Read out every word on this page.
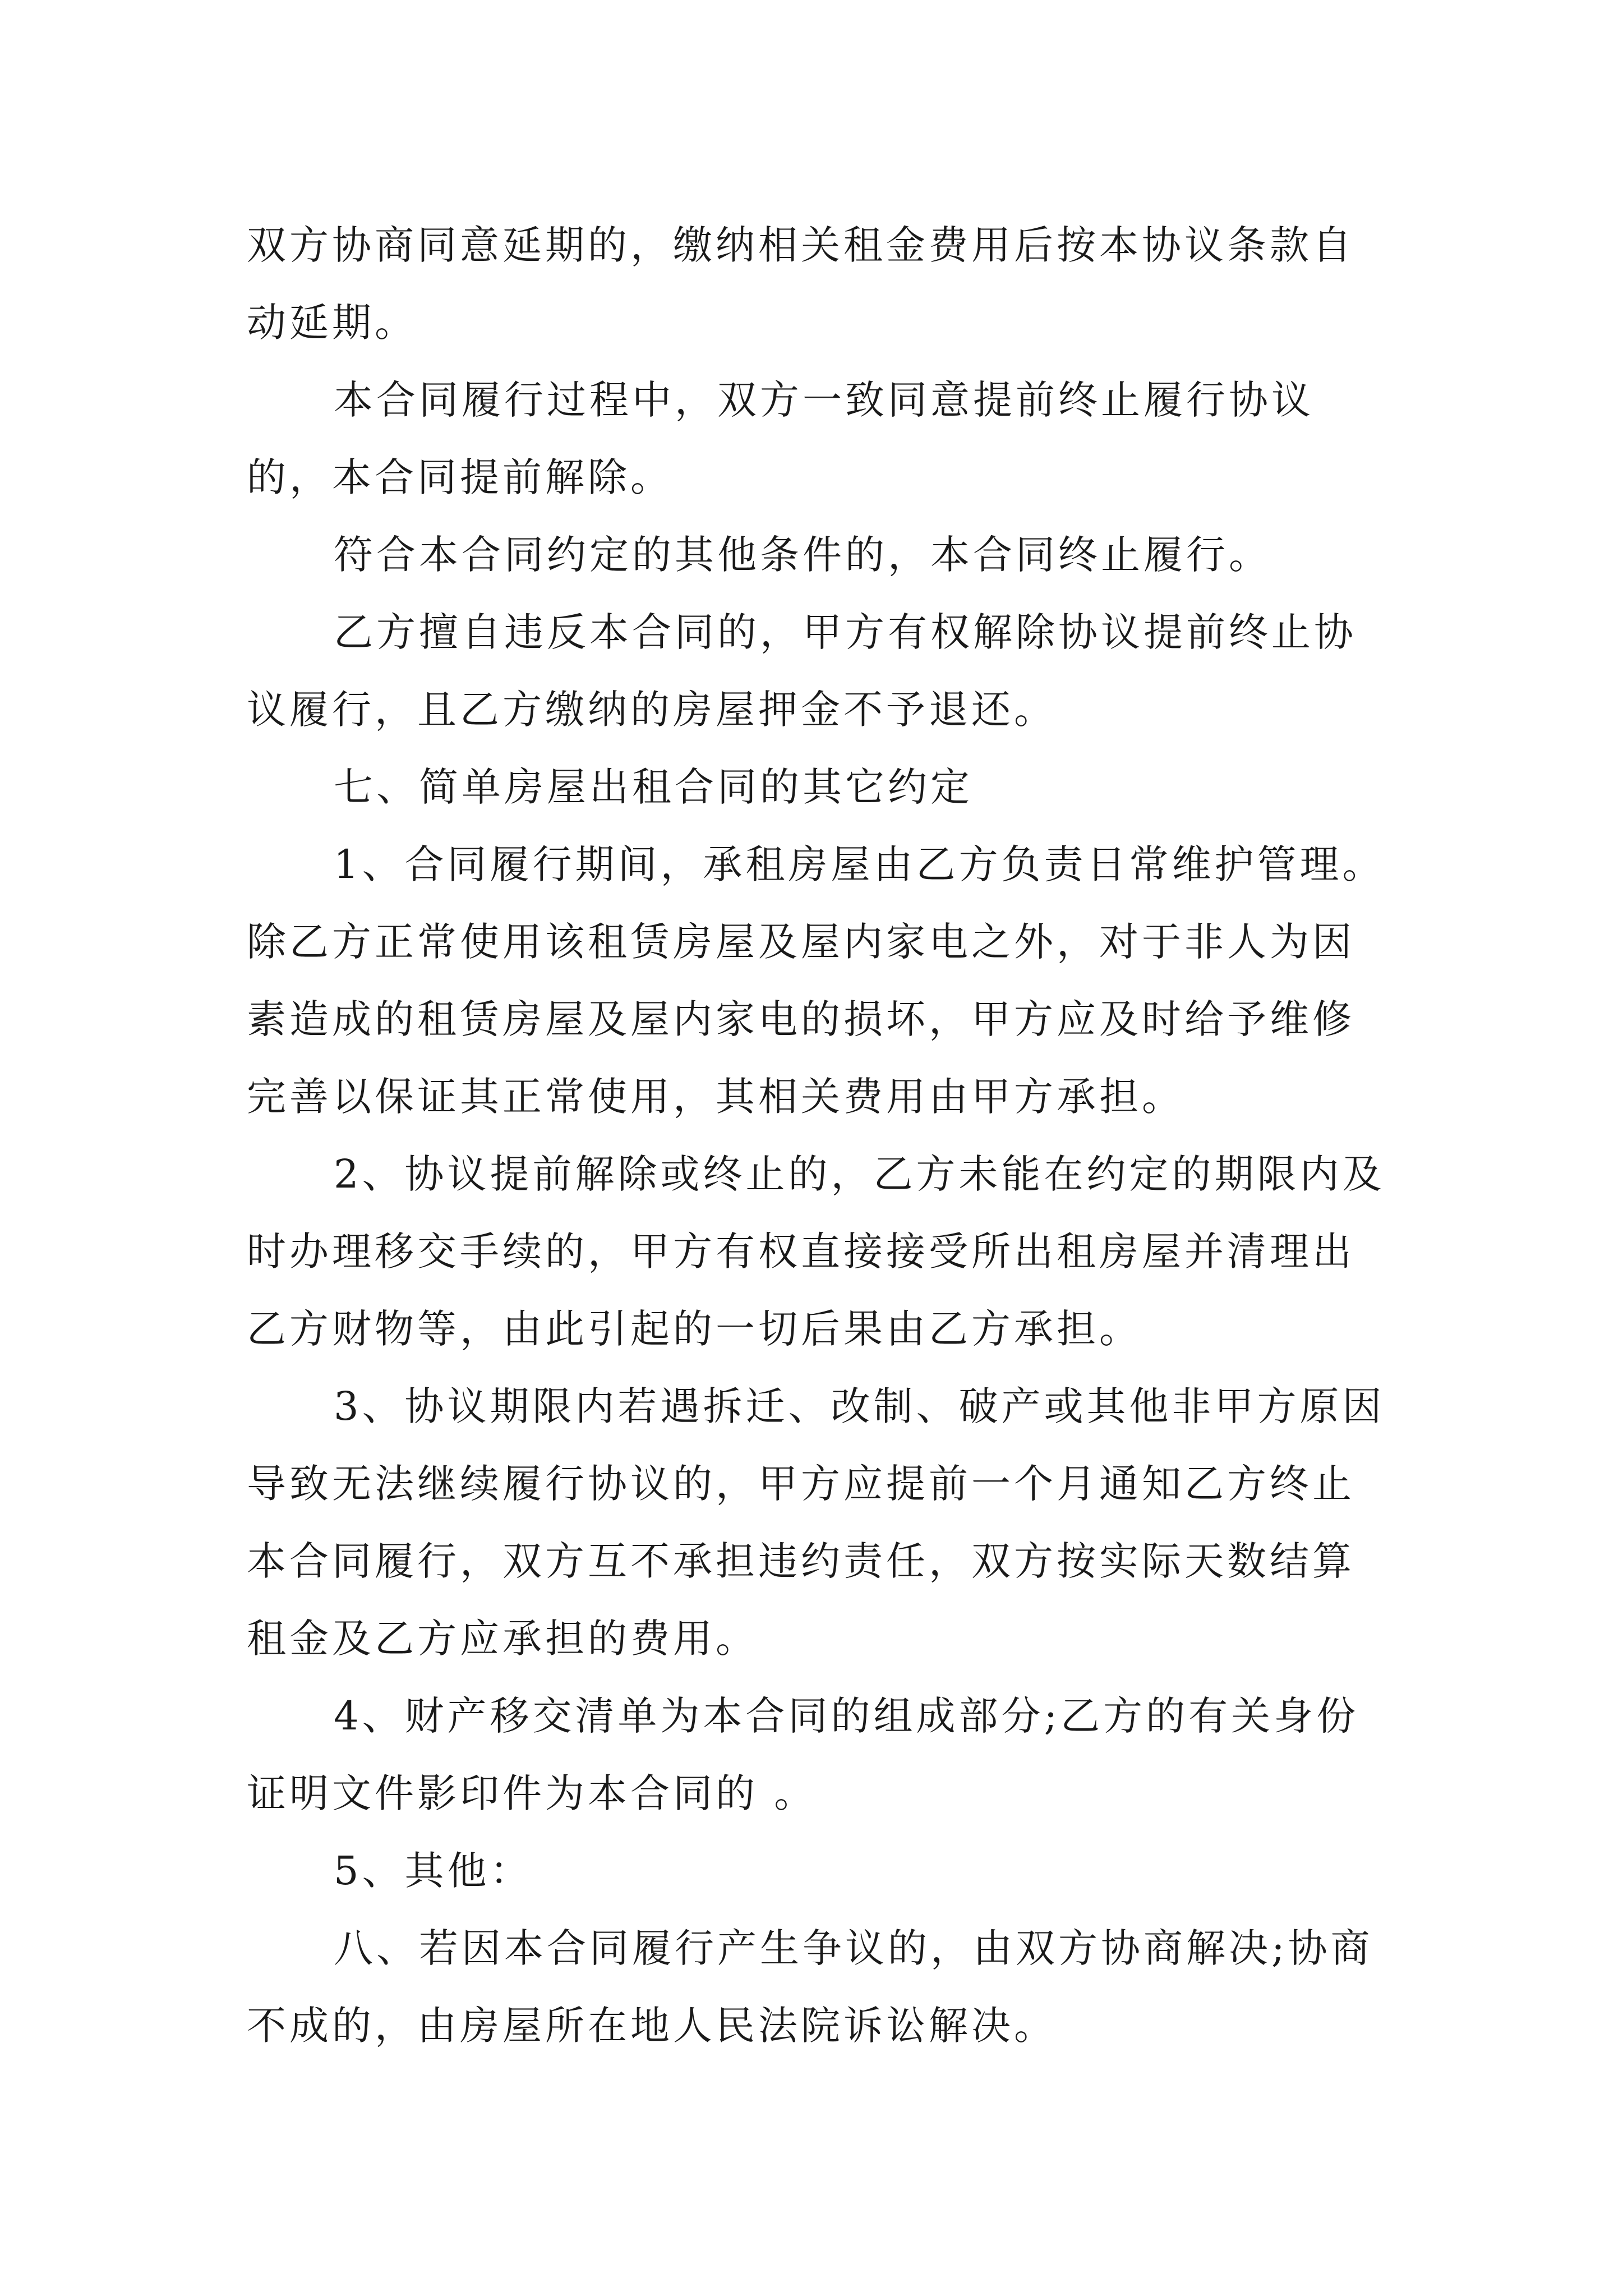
双方协商同意延期的，缴纳相关租金费用后按本协议条款自动延期。

本合同履行过程中，双方一致同意提前终止履行协议的，本合同提前解除。

符合本合同约定的其他条件的，本合同终止履行。

乙方擅自违反本合同的，甲方有权解除协议提前终止协议履行，且乙方缴纳的房屋押金不予退还。

七、简单房屋出租合同的其它约定

1、合同履行期间，承租房屋由乙方负责日常维护管理。除乙方正常使用该租赁房屋及屋内家电之外，对于非人为因素造成的租赁房屋及屋内家电的损坏，甲方应及时给予维修完善以保证其正常使用，其相关费用由甲方承担。

2、协议提前解除或终止的，乙方未能在约定的期限内及时办理移交手续的，甲方有权直接接受所出租房屋并清理出乙方财物等，由此引起的一切后果由乙方承担。

3、协议期限内若遇拆迁、改制、破产或其他非甲方原因导致无法继续履行协议的，甲方应提前一个月通知乙方终止本合同履行，双方互不承担违约责任，双方按实际天数结算租金及乙方应承担的费用。

4、财产移交清单为本合同的组成部分;乙方的有关身份证明文件影印件为本合同的 。

5、其他：

八、若因本合同履行产生争议的，由双方协商解决;协商不成的，由房屋所在地人民法院诉讼解决。
